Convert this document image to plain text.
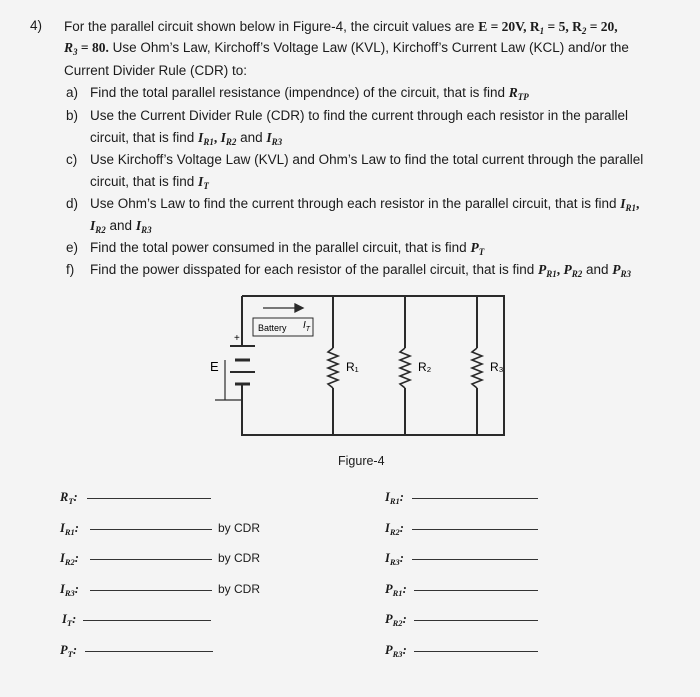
4) For the parallel circuit shown below in Figure-4, the circuit values are E = 20V, $R_1 = 5$, $R_2 = 20$,
$R_3 = 80$. Use Ohm’s Law, Kirchoff’s Voltage Law (KVL), Kirchoff’s Current Law (KCL) and/or the
Current Divider Rule (CDR) to:
a) Find the total parallel resistance (impendnce) of the circuit, that is find $R_{TP}$
b) Use the Current Divider Rule (CDR) to find the current through each resistor in the parallel
circuit, that is find $I_{R1}$, $I_{R2}$ and $I_{R3}$
c) Use Kirchoff’s Voltage Law (KVL) and Ohm’s Law to find the total current through the parallel
circuit, that is find $I_T$
d) Use Ohm’s Law to find the current through each resistor in the parallel circuit, that is find $I_{R1}$,
$I_{R2}$ and $I_{R3}$
e) Find the total power consumed in the parallel circuit, that is find $P_T$
f) Find the power disspated for each resistor of the parallel circuit, that is find $P_{R1}$, $P_{R2}$ and $P_{R3}$
+
E
Battery $I_T$
R₁	R₂	R₃
Figure-4
$R_T$:
$I_{R1}$:	by CDR
$I_{R2}$:	by CDR
$I_{R3}$:	by CDR
$I_T$:
$P_T$:
$I_{R1}$:
$I_{R2}$:
$I_{R3}$:
$P_{R1}$:
$P_{R2}$:
$P_{R3}$:
